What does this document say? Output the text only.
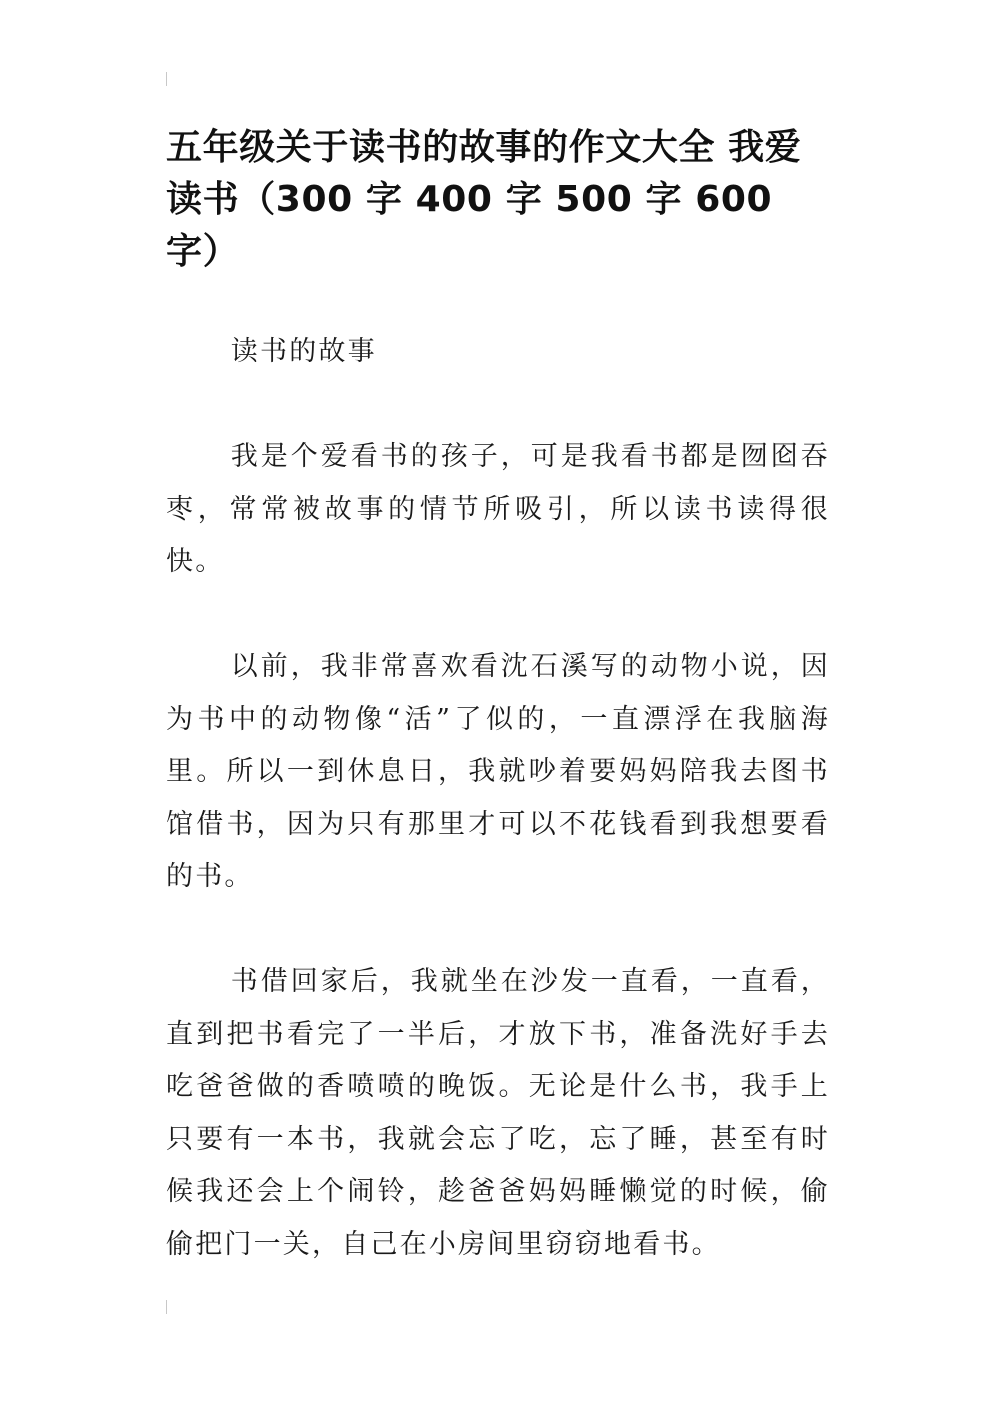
五年级关于读书的故事的作文大全 我爱读书（300 字 400 字 500 字 600 字）

读书的故事

我是个爱看书的孩子，可是我看书都是囫囵吞枣，常常被故事的情节所吸引，所以读书读得很快。

以前，我非常喜欢看沈石溪写的动物小说，因为书中的动物像“活”了似的，一直漂浮在我脑海里。所以一到休息日，我就吵着要妈妈陪我去图书馆借书，因为只有那里才可以不花钱看到我想要看的书。

书借回家后，我就坐在沙发一直看，一直看，直到把书看完了一半后，才放下书，准备洗好手去吃爸爸做的香喷喷的晚饭。无论是什么书，我手上只要有一本书，我就会忘了吃，忘了睡，甚至有时候我还会上个闹铃，趁爸爸妈妈睡懒觉的时候，偷偷把门一关，自己在小房间里窃窃地看书。
